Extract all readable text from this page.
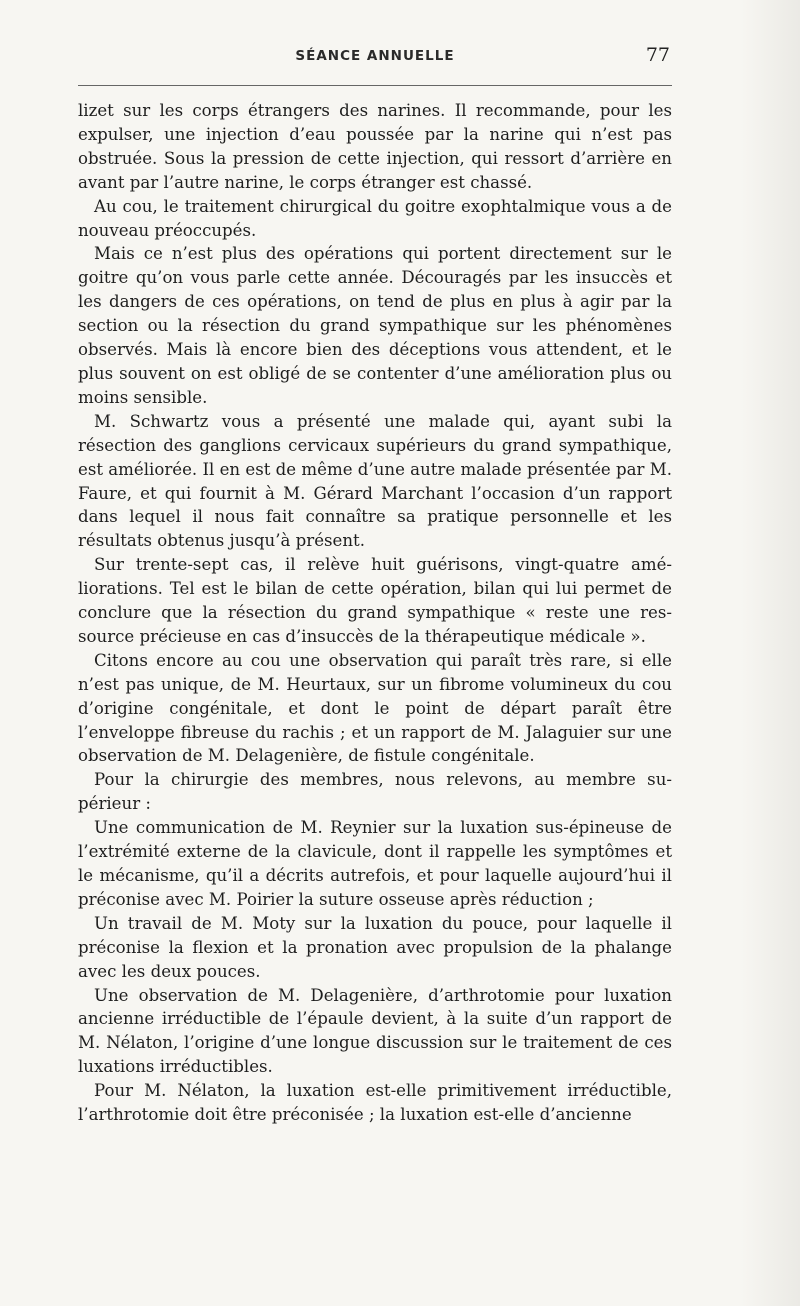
SÉANCE ANNUELLE	77

lizet sur les corps étrangers des narines. Il recommande, pour les expulser, une injection d’eau poussée par la narine qui n’est pas obstruée. Sous la pression de cette injection, qui ressort d’arrière en avant par l’autre narine, le corps étranger est chassé.

Au cou, le traitement chirurgical du goitre exophtalmique vous a de nouveau préoccupés.

Mais ce n’est plus des opérations qui portent directement sur le goitre qu’on vous parle cette année. Découragés par les insuccès et les dangers de ces opérations, on tend de plus en plus à agir par la section ou la résection du grand sympathique sur les phénomènes observés. Mais là encore bien des déceptions vous attendent, et le plus souvent on est obligé de se contenter d’une amélioration plus ou moins sensible.

M. Schwartz vous a présenté une malade qui, ayant subi la résection des ganglions cervicaux supérieurs du grand sympathique, est améliorée. Il en est de même d’une autre malade présentée par M. Faure, et qui fournit à M. Gérard Marchant l’occasion d’un rapport dans lequel il nous fait connaître sa pratique personnelle et les résultats obtenus jusqu’à présent.

Sur trente-sept cas, il relève huit guérisons, vingt-quatre améliorations. Tel est le bilan de cette opération, bilan qui lui permet de conclure que la résection du grand sympathique « reste une ressource précieuse en cas d’insuccès de la thérapeutique médicale ».

Citons encore au cou une observation qui paraît très rare, si elle n’est pas unique, de M. Heurtaux, sur un fibrome volumineux du cou d’origine congénitale, et dont le point de départ paraît être l’enveloppe fibreuse du rachis ; et un rapport de M. Jalaguier sur une observation de M. Delagenière, de fistule congénitale.

Pour la chirurgie des membres, nous relevons, au membre supérieur :

Une communication de M. Reynier sur la luxation sus-épineuse de l’extrémité externe de la clavicule, dont il rappelle les symptômes et le mécanisme, qu’il a décrits autrefois, et pour laquelle aujourd’hui il préconise avec M. Poirier la suture osseuse après réduction ;

Un travail de M. Moty sur la luxation du pouce, pour laquelle il préconise la flexion et la pronation avec propulsion de la phalange avec les deux pouces.

Une observation de M. Delagenière, d’arthrotomie pour luxation ancienne irréductible de l’épaule devient, à la suite d’un rapport de M. Nélaton, l’origine d’une longue discussion sur le traitement de ces luxations irréductibles.

Pour M. Nélaton, la luxation est-elle primitivement irréductible, l’arthrotomie doit être préconisée ; la luxation est-elle d’ancienne
